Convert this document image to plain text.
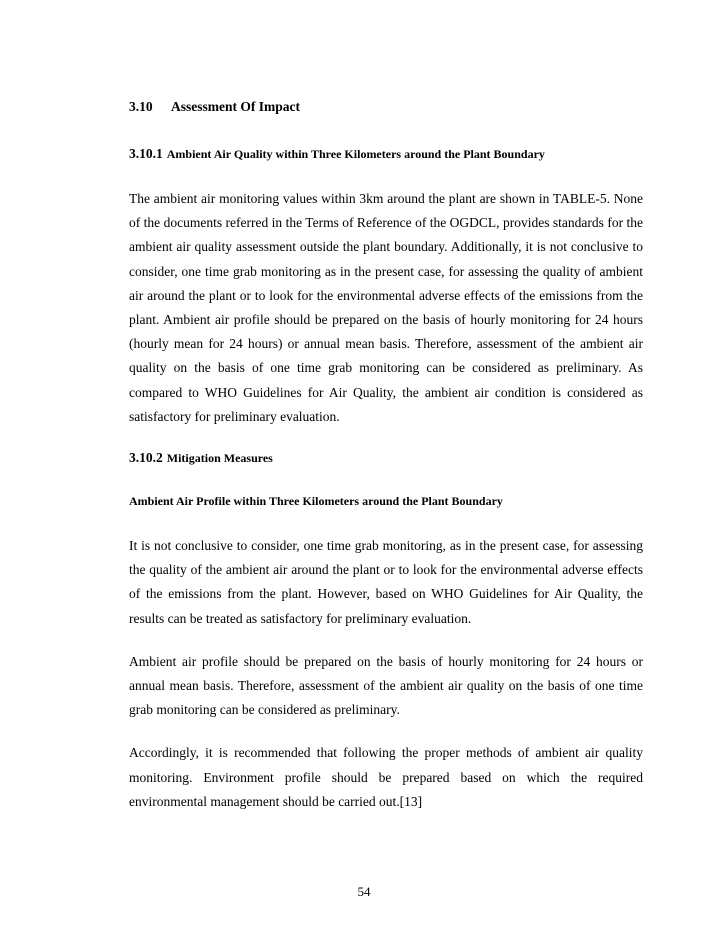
3.10 Assessment Of Impact
3.10.1 Ambient Air Quality within Three Kilometers around the Plant Boundary

The ambient air monitoring values within 3km around the plant are shown in TABLE-5. None of the documents referred in the Terms of Reference of the OGDCL, provides standards for the ambient air quality assessment outside the plant boundary. Additionally, it is not conclusive to consider, one time grab monitoring as in the present case, for assessing the quality of ambient air around the plant or to look for the environmental adverse effects of the emissions from the plant. Ambient air profile should be prepared on the basis of hourly monitoring for 24 hours (hourly mean for 24 hours) or annual mean basis. Therefore, assessment of the ambient air quality on the basis of one time grab monitoring can be considered as preliminary. As compared to WHO Guidelines for Air Quality, the ambient air condition is considered as satisfactory for preliminary evaluation.

3.10.2 Mitigation Measures
Ambient Air Profile within Three Kilometers around the Plant Boundary

It is not conclusive to consider, one time grab monitoring, as in the present case, for assessing the quality of the ambient air around the plant or to look for the environmental adverse effects of the emissions from the plant. However, based on WHO Guidelines for Air Quality, the results can be treated as satisfactory for preliminary evaluation.

Ambient air profile should be prepared on the basis of hourly monitoring for 24 hours or annual mean basis. Therefore, assessment of the ambient air quality on the basis of one time grab monitoring can be considered as preliminary.

Accordingly, it is recommended that following the proper methods of ambient air quality monitoring. Environment profile should be prepared based on which the required environmental management should be carried out.[13]

54
